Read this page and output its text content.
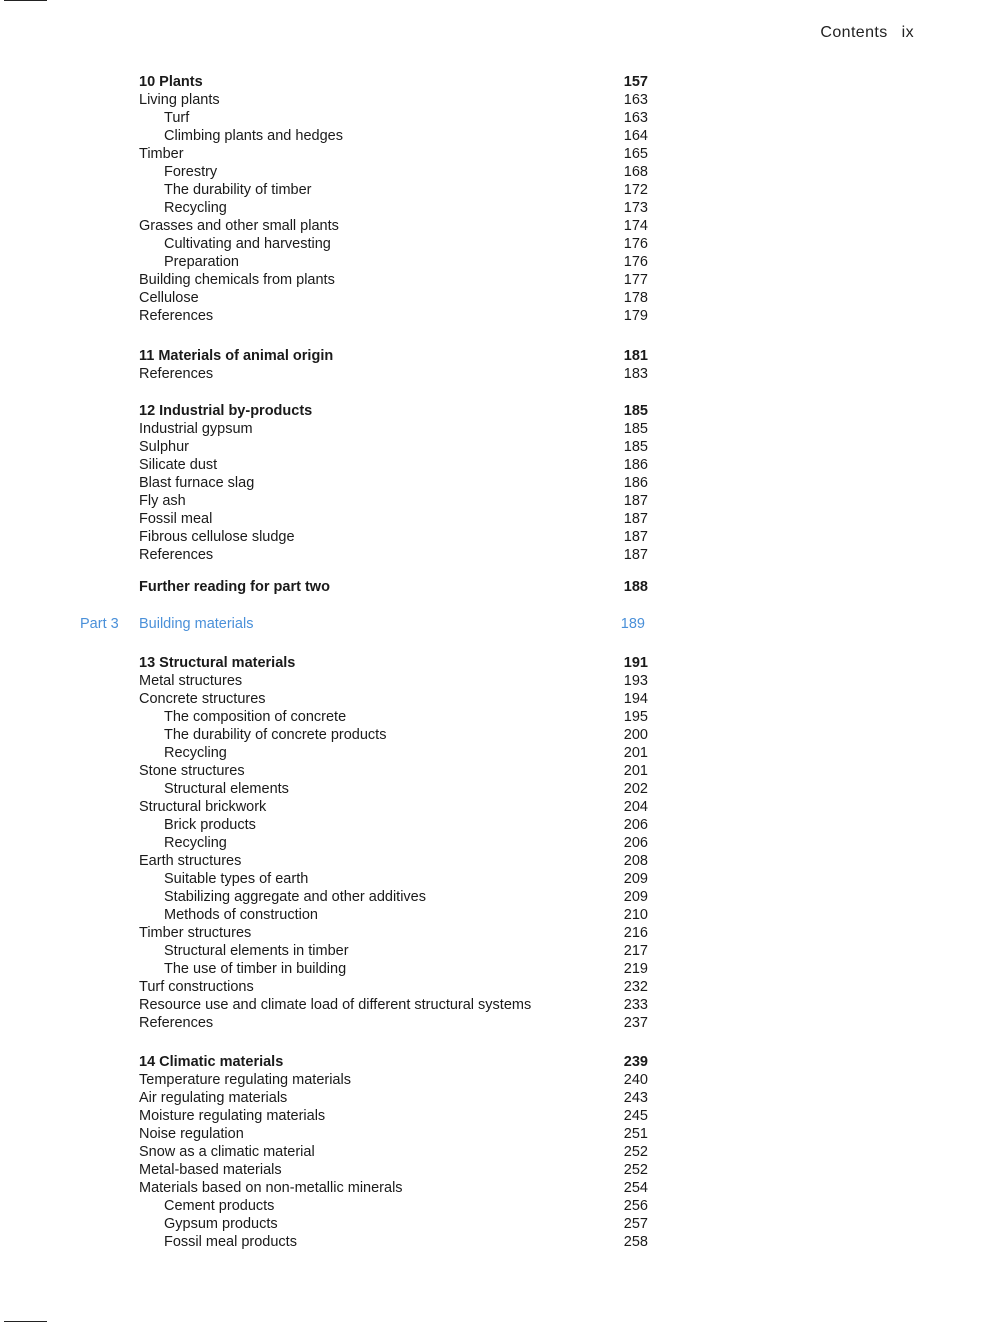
Contents ix
10 Plants	157
Living plants	163
Turf	163
Climbing plants and hedges	164
Timber	165
Forestry	168
The durability of timber	172
Recycling	173
Grasses and other small plants	174
Cultivating and harvesting	176
Preparation	176
Building chemicals from plants	177
Cellulose	178
References	179
11 Materials of animal origin	181
References	183
12 Industrial by-products	185
Industrial gypsum	185
Sulphur	185
Silicate dust	186
Blast furnace slag	186
Fly ash	187
Fossil meal	187
Fibrous cellulose sludge	187
References	187
Further reading for part two	188
Part 3 Building materials	189
13 Structural materials	191
Metal structures	193
Concrete structures	194
The composition of concrete	195
The durability of concrete products	200
Recycling	201
Stone structures	201
Structural elements	202
Structural brickwork	204
Brick products	206
Recycling	206
Earth structures	208
Suitable types of earth	209
Stabilizing aggregate and other additives	209
Methods of construction	210
Timber structures	216
Structural elements in timber	217
The use of timber in building	219
Turf constructions	232
Resource use and climate load of different structural systems	233
References	237
14 Climatic materials	239
Temperature regulating materials	240
Air regulating materials	243
Moisture regulating materials	245
Noise regulation	251
Snow as a climatic material	252
Metal-based materials	252
Materials based on non-metallic minerals	254
Cement products	256
Gypsum products	257
Fossil meal products	258
